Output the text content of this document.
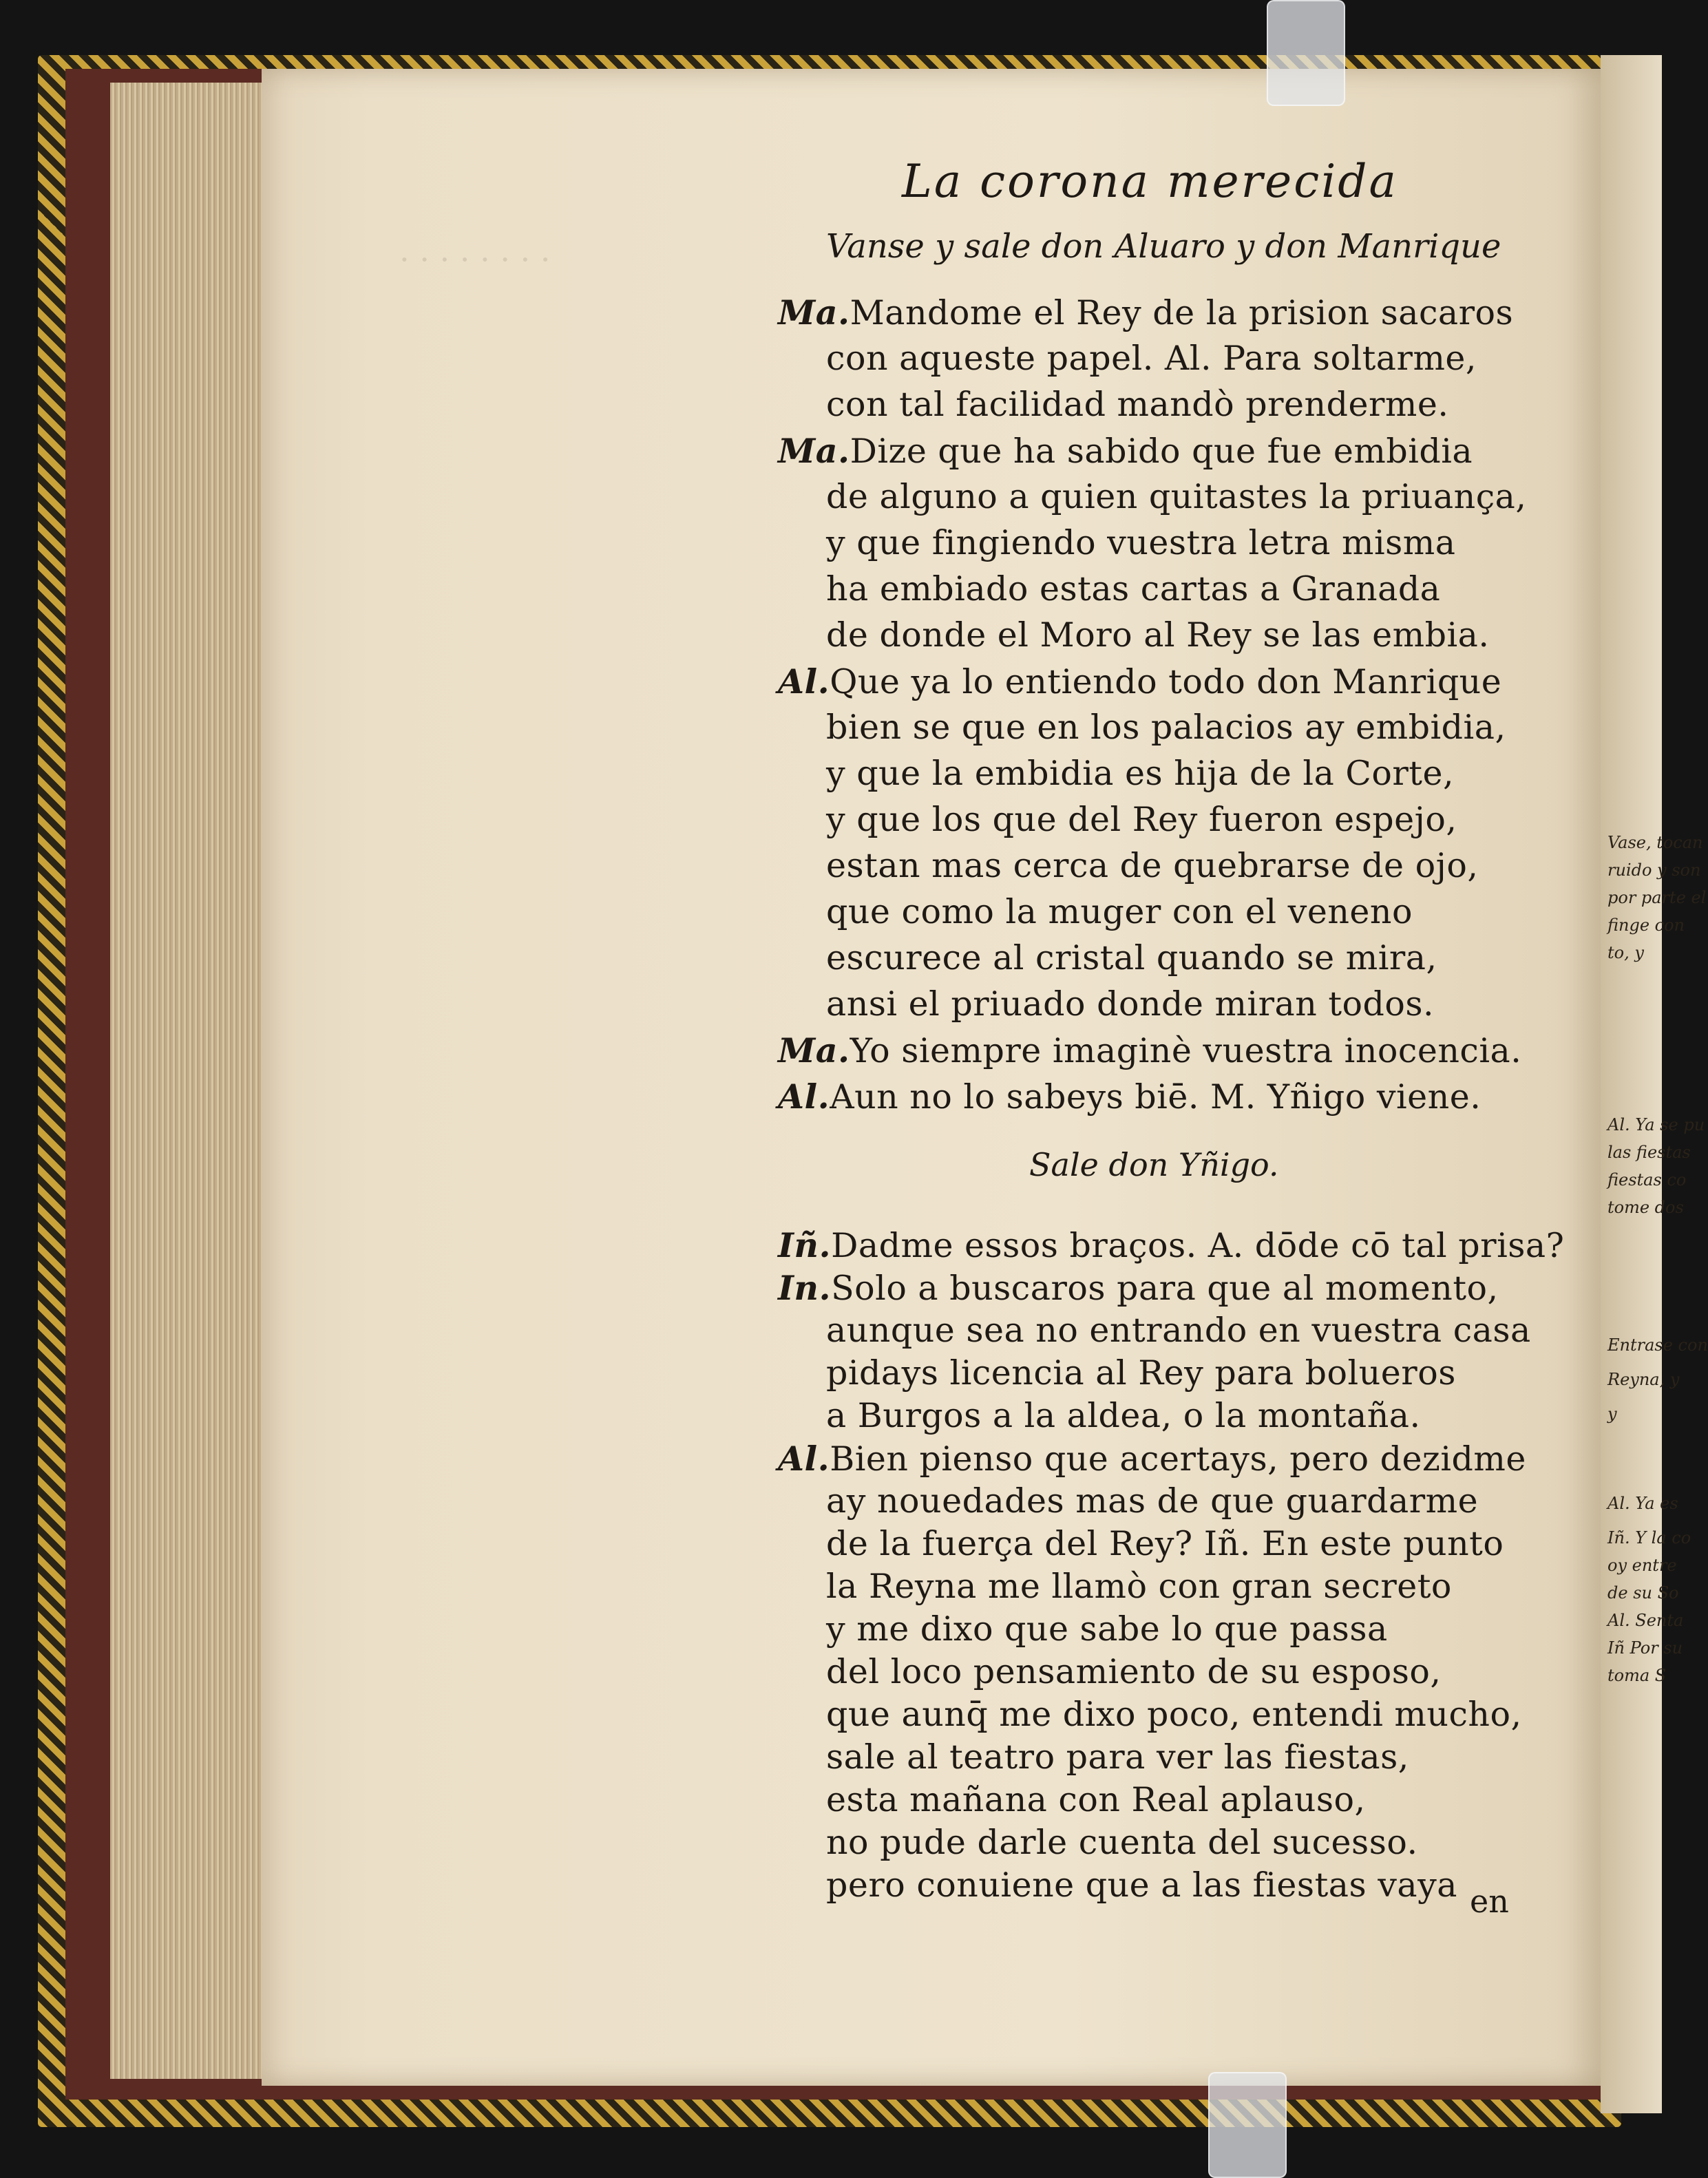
· · · · · · · ·
Vase, tocan
ruido y son
por parte el
finge con
to, y
Al. Ya se pu
las fiestas
fiestas co
tome dos
Entrase con
Reyna, y
y
Al. Ya es
Iñ. Y la co
oy entre
de su So
Al. Senta
Iñ Por su
toma S
La corona merecida
Vanse y sale don Aluaro y don Manrique
Ma.Mandome el Rey de la prision sacaros
con aqueste papel. Al. Para soltarme,
con tal facilidad mandò prenderme.
Ma.Dize que ha sabido que fue embidia
de alguno a quien quitastes la priuança,
y que fingiendo vuestra letra misma
ha embiado estas cartas a Granada
de donde el Moro al Rey se las embia.
Al.Que ya lo entiendo todo don Manrique
bien se que en los palacios ay embidia,
y que la embidia es hija de la Corte,
y que los que del Rey fueron espejo,
estan mas cerca de quebrarse de ojo,
que como la muger con el veneno
escurece al cristal quando se mira,
ansi el priuado donde miran todos.
Ma.Yo siempre imaginè vuestra inocencia.
Al.Aun no lo sabeys biē. M. Yñigo viene.
Sale don Yñigo.
Iñ.Dadme essos braços. A. dōde cō tal prisa?
In.Solo a buscaros para que al momento,
aunque sea no entrando en vuestra casa
pidays licencia al Rey para bolueros
a Burgos a la aldea, o la montaña.
Al.Bien pienso que acertays, pero dezidme
ay nouedades mas de que guardarme
de la fuerça del Rey? Iñ. En este punto
la Reyna me llamò con gran secreto
y me dixo que sabe lo que passa
del loco pensamiento de su esposo,
que aunq̄ me dixo poco, entendi mucho,
sale al teatro para ver las fiestas,
esta mañana con Real aplauso,
no pude darle cuenta del sucesso.
pero conuiene que a las fiestas vaya en
